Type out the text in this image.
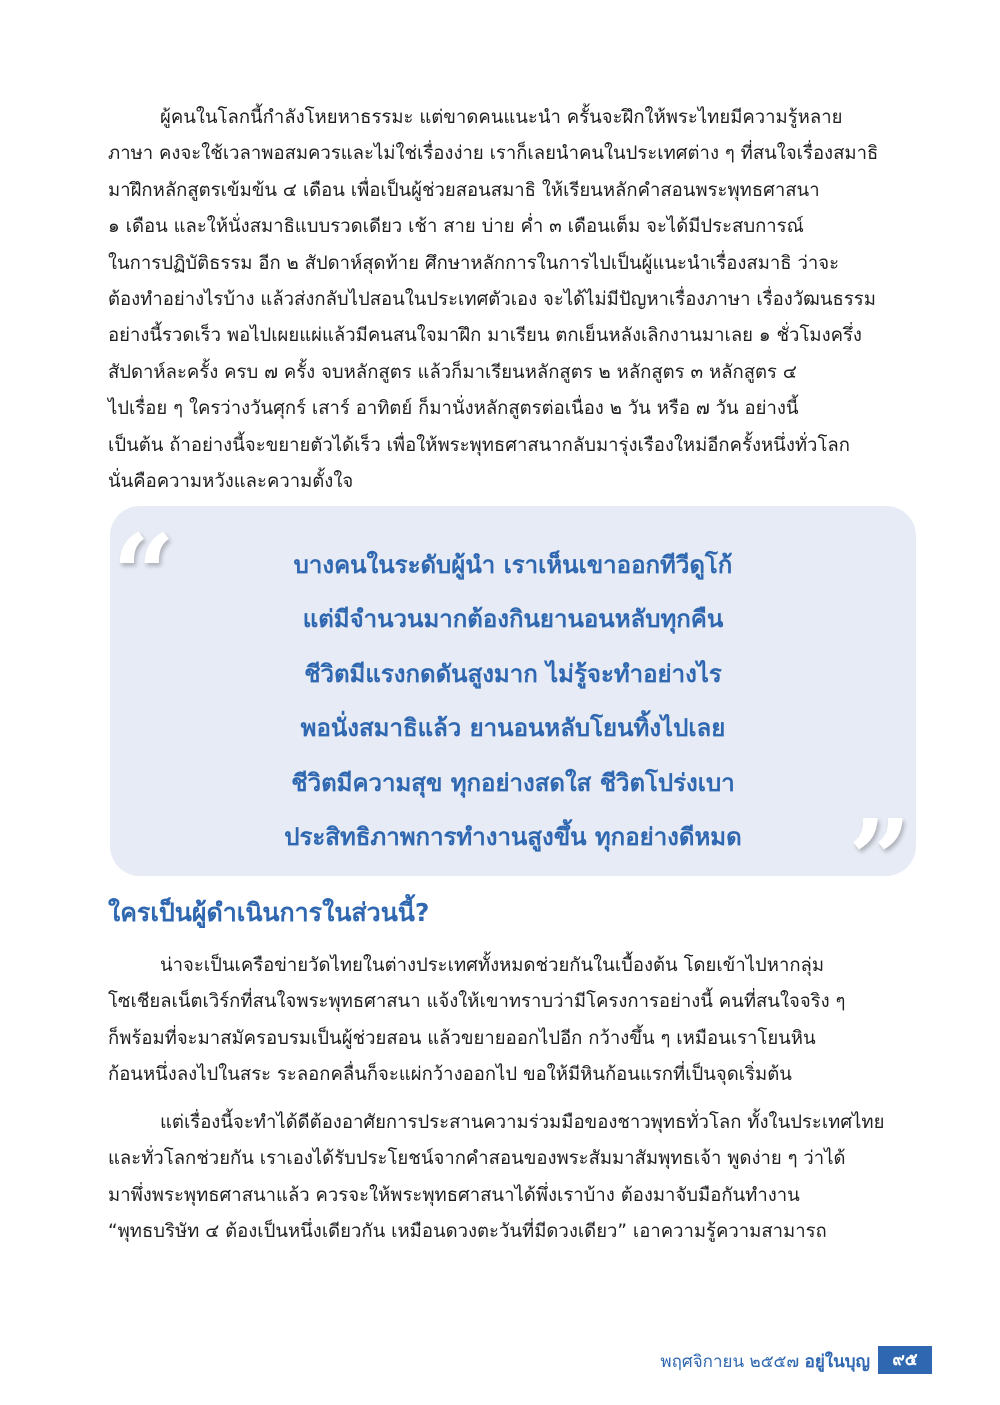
ผู้คนในโลกนี้กำลังโหยหาธรรมะ แต่ขาดคนแนะนำ ครั้นจะฝึกให้พระไทยมีความรู้หลาย
ภาษา คงจะใช้เวลาพอสมควรและไม่ใช่เรื่องง่าย เราก็เลยนำคนในประเทศต่าง ๆ ที่สนใจเรื่องสมาธิ
มาฝึกหลักสูตรเข้มข้น ๔ เดือน เพื่อเป็นผู้ช่วยสอนสมาธิ ให้เรียนหลักคำสอนพระพุทธศาสนา
๑ เดือน และให้นั่งสมาธิแบบรวดเดียว เช้า สาย บ่าย ค่ำ ๓ เดือนเต็ม จะได้มีประสบการณ์
ในการปฏิบัติธรรม อีก ๒ สัปดาห์สุดท้าย ศึกษาหลักการในการไปเป็นผู้แนะนำเรื่องสมาธิ ว่าจะ
ต้องทำอย่างไรบ้าง แล้วส่งกลับไปสอนในประเทศตัวเอง จะได้ไม่มีปัญหาเรื่องภาษา เรื่องวัฒนธรรม
อย่างนี้รวดเร็ว พอไปเผยแผ่แล้วมีคนสนใจมาฝึก มาเรียน ตกเย็นหลังเลิกงานมาเลย ๑ ชั่วโมงครึ่ง
สัปดาห์ละครั้ง ครบ ๗ ครั้ง จบหลักสูตร แล้วก็มาเรียนหลักสูตร ๒ หลักสูตร ๓ หลักสูตร ๔
ไปเรื่อย ๆ ใครว่างวันศุกร์ เสาร์ อาทิตย์ ก็มานั่งหลักสูตรต่อเนื่อง ๒ วัน หรือ ๗ วัน อย่างนี้
เป็นต้น ถ้าอย่างนี้จะขยายตัวได้เร็ว เพื่อให้พระพุทธศาสนากลับมารุ่งเรืองใหม่อีกครั้งหนึ่งทั่วโลก
นั่นคือความหวังและความตั้งใจ
“	บางคนในระดับผู้นำ เราเห็นเขาออกทีวีดูโก้
แต่มีจำนวนมากต้องกินยานอนหลับทุกคืน
ชีวิตมีแรงกดดันสูงมาก ไม่รู้จะทำอย่างไร
พอนั่งสมาธิแล้ว ยานอนหลับโยนทิ้งไปเลย
ชีวิตมีความสุข ทุกอย่างสดใส ชีวิตโปร่งเบา
ประสิทธิภาพการทำงานสูงขึ้น ทุกอย่างดีหมด ”
ใครเป็นผู้ดำเนินการในส่วนนี้?
น่าจะเป็นเครือข่ายวัดไทยในต่างประเทศทั้งหมดช่วยกันในเบื้องต้น โดยเข้าไปหากลุ่ม
โซเชียลเน็ตเวิร์กที่สนใจพระพุทธศาสนา แจ้งให้เขาทราบว่ามีโครงการอย่างนี้ คนที่สนใจจริง ๆ
ก็พร้อมที่จะมาสมัครอบรมเป็นผู้ช่วยสอน แล้วขยายออกไปอีก กว้างขึ้น ๆ เหมือนเราโยนหิน
ก้อนหนึ่งลงไปในสระ ระลอกคลื่นก็จะแผ่กว้างออกไป ขอให้มีหินก้อนแรกที่เป็นจุดเริ่มต้น
แต่เรื่องนี้จะทำได้ดีต้องอาศัยการประสานความร่วมมือของชาวพุทธทั่วโลก ทั้งในประเทศไทย
และทั่วโลกช่วยกัน เราเองได้รับประโยชน์จากคำสอนของพระสัมมาสัมพุทธเจ้า พูดง่าย ๆ ว่าได้
มาพึ่งพระพุทธศาสนาแล้ว ควรจะให้พระพุทธศาสนาได้พึ่งเราบ้าง ต้องมาจับมือกันทำงาน
“พุทธบริษัท ๔ ต้องเป็นหนึ่งเดียวกัน เหมือนดวงตะวันที่มีดวงเดียว” เอาความรู้ความสามารถ
พฤศจิกายน ๒๕๕๗ อยู่ในบุญ	๙๕
